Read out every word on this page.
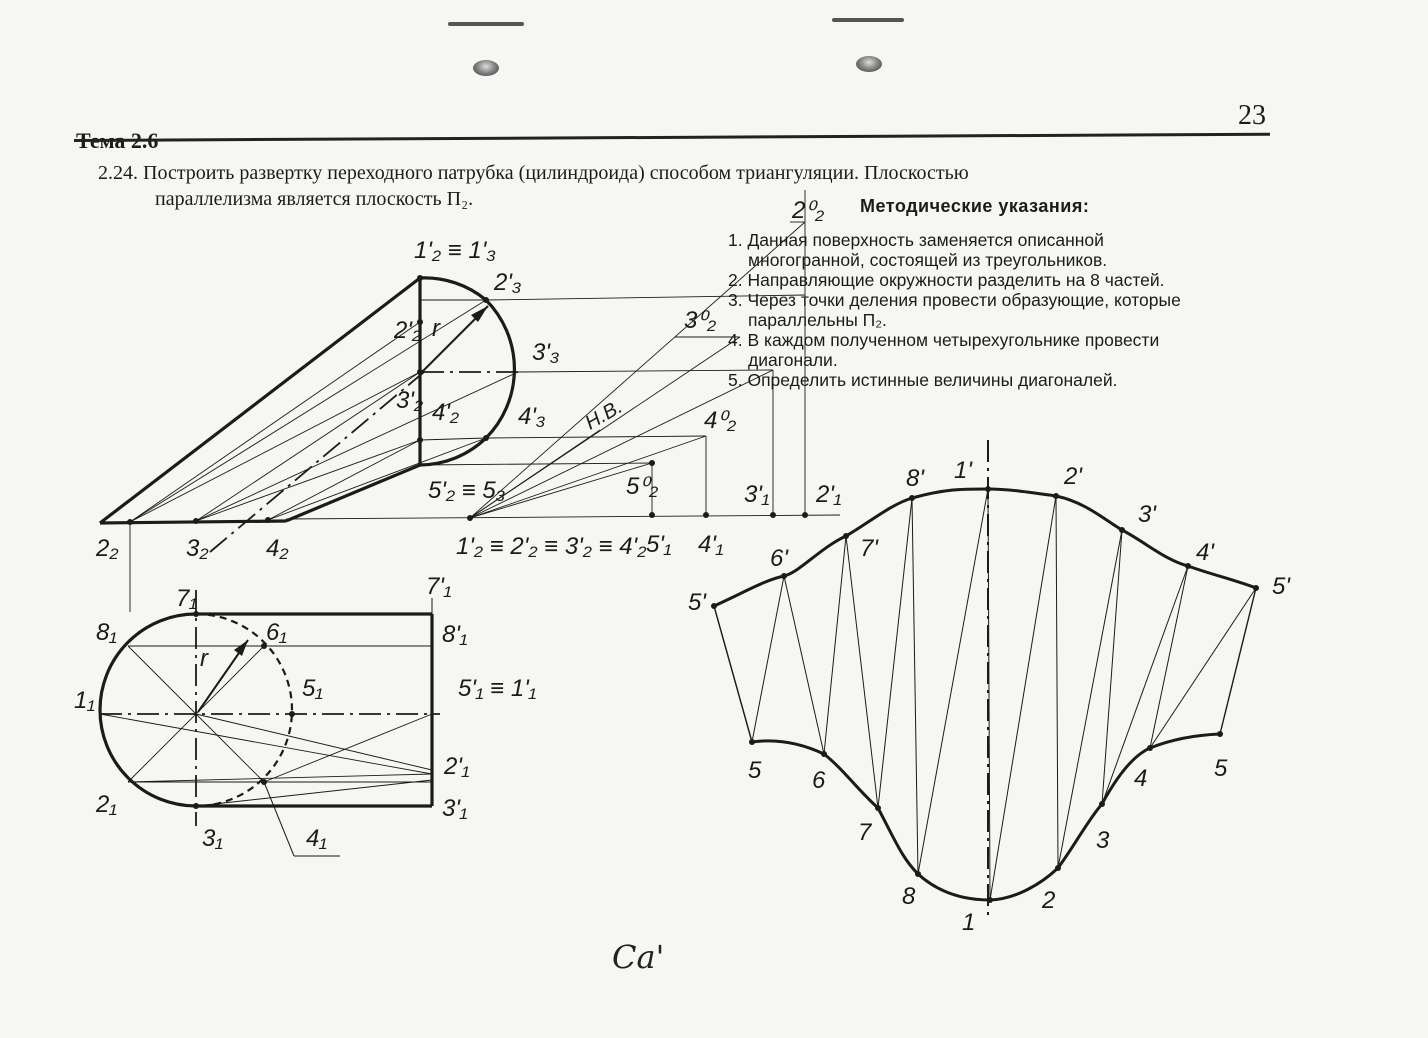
Тема 2.6
23
2.24. Построить развертку переходного патрубка (цилиндроида) способом триангуляции. Плоскостью
параллелизма является плоскость П₂.	Методические указания:
1. Данная поверхность заменяется описанной
многогранной, состоящей из треугольников.
2. Направляющие окружности разделить на 8 частей.
3. Через точки деления провести образующие, которые
параллельны П₂.
4. В каждом полученном четырехугольнике провести
диагонали.
5. Определить истинные величины диагоналей.
1'₂ ≡ 1'₃
2'₃
2'₂ r
3'₃
3'₂ 4'₂ 4'₃
5'₂ ≡ 5₃
2₂	3₂ 4₂
Н.В.
2⁰₂
3⁰₂
4⁰₂
5⁰₂	3'₁ 2'₁
5'₁ 4'₁
1'₂ ≡ 2'₂ ≡ 3'₂ ≡ 4'₂
7₁	7'₁
8₁	6₁	8'₁
r
1₁	5₁	5'₁ ≡ 1'₁
2'₁
2₁	3'₁
3₁	4₁
1'
8'	2'
3'
7'
6'	4'
5'
5'
5 6
7
8
1
2
3
4	5
Са'
